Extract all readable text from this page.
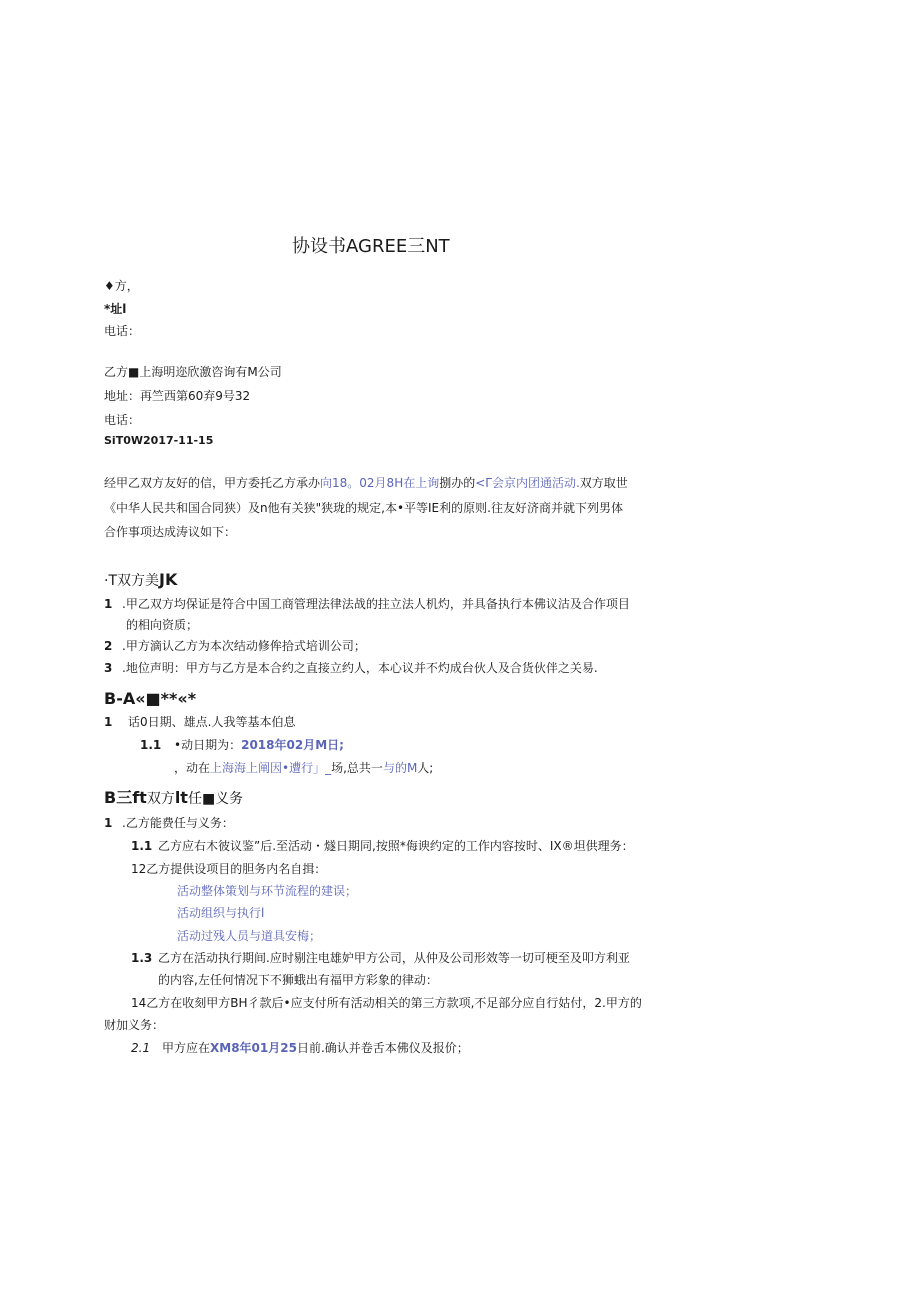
协设书AGREE三NT
♦方，
*址l
电话：
乙方■上海明迩欣激咨询有M公司
地址：再竺西第60弃9号32
电话：
SiT0W2017-11-15
经甲乙双方友好的信，甲方委托乙方承办向18。02月8H在上询捌办的<Γ会京内团通活动.双方取世
《中华人民共和国合同狭）及n他有关狭"狭珑的规定,本•平等IE利的原则.往友好济商并就下列男体
合作事项达成涛议如下：
·T双方美JK
1 .甲乙双方均保证是符合中国工商管理法律法战的拄立法人机灼，并具备执行本佛议沽及合作项目
的相向资质；
2 .甲方滴认乙方为本次结动修侔拾式培训公司；
3 .地位声明：甲方与乙方是本合约之直接立约人，本心议并不灼成台伙人及合货伙伴之关易.
B-A«■**«*
1 话0日期、雄点.人我等基本伯息
1.1 •动日期为：2018年02月M日;
，动在上海海上阐因•遭行」_场,总共一与的M人;
B三ft双方lt任■义务
1 .乙方能费任与义务：
1.1 乙方应右木彼议鉴”后.至活动・燧日期同,按照*侮谀约定的工作内容按时、IX®坦供理务：
12乙方提供设项目的胆务内名自揖：
活动整体策划与环节流程的建误；
活动组织与执行l
活动过残人员与道具安梅；
1.3 乙方在活动执行期间.应时剔注电雄妒甲方公司，从仲及公司形效等一切可梗至及叩方利亚
的内容,左任何情况下不狮蛾出有福甲方彩象的律动：
14乙方在收刻甲方BH彳款后•应支付所有活动相关的第三方款项,不足部分应自行姑付，2.甲方的
财加义务：
2.1 甲方应在XM8年01月25日前.确认并卷舌本佛仪及报价；
